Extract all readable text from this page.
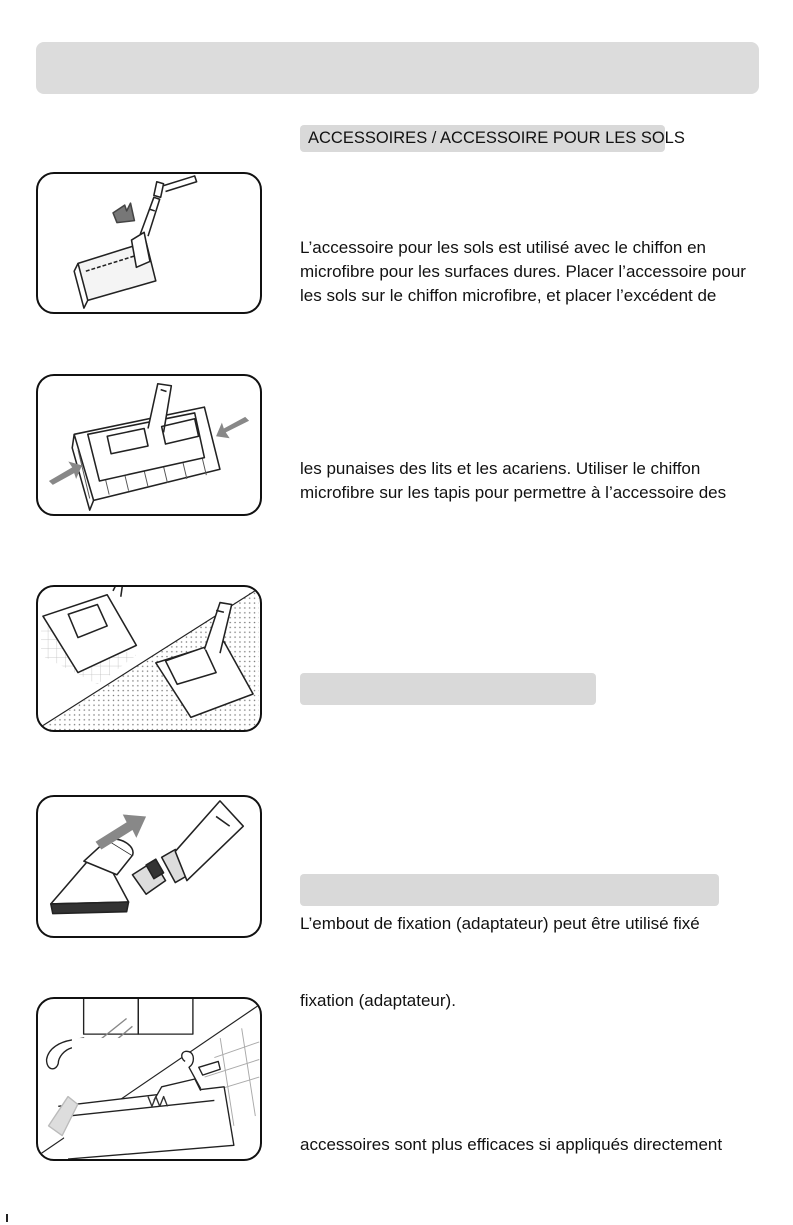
ACCESSOIRES / ACCESSOIRE POUR LES SOLS

L’accessoire pour les sols est utilisé avec le chiffon en

microfibre pour les surfaces dures. Placer l’accessoire pour

les sols sur le chiffon microfibre, et placer l’excédent de

les punaises des lits et les acariens. Utiliser le chiffon

microfibre sur les tapis pour permettre à l’accessoire des

L’embout de fixation (adaptateur) peut être utilisé fixé

fixation (adaptateur).

accessoires sont plus efficaces si appliqués directement
